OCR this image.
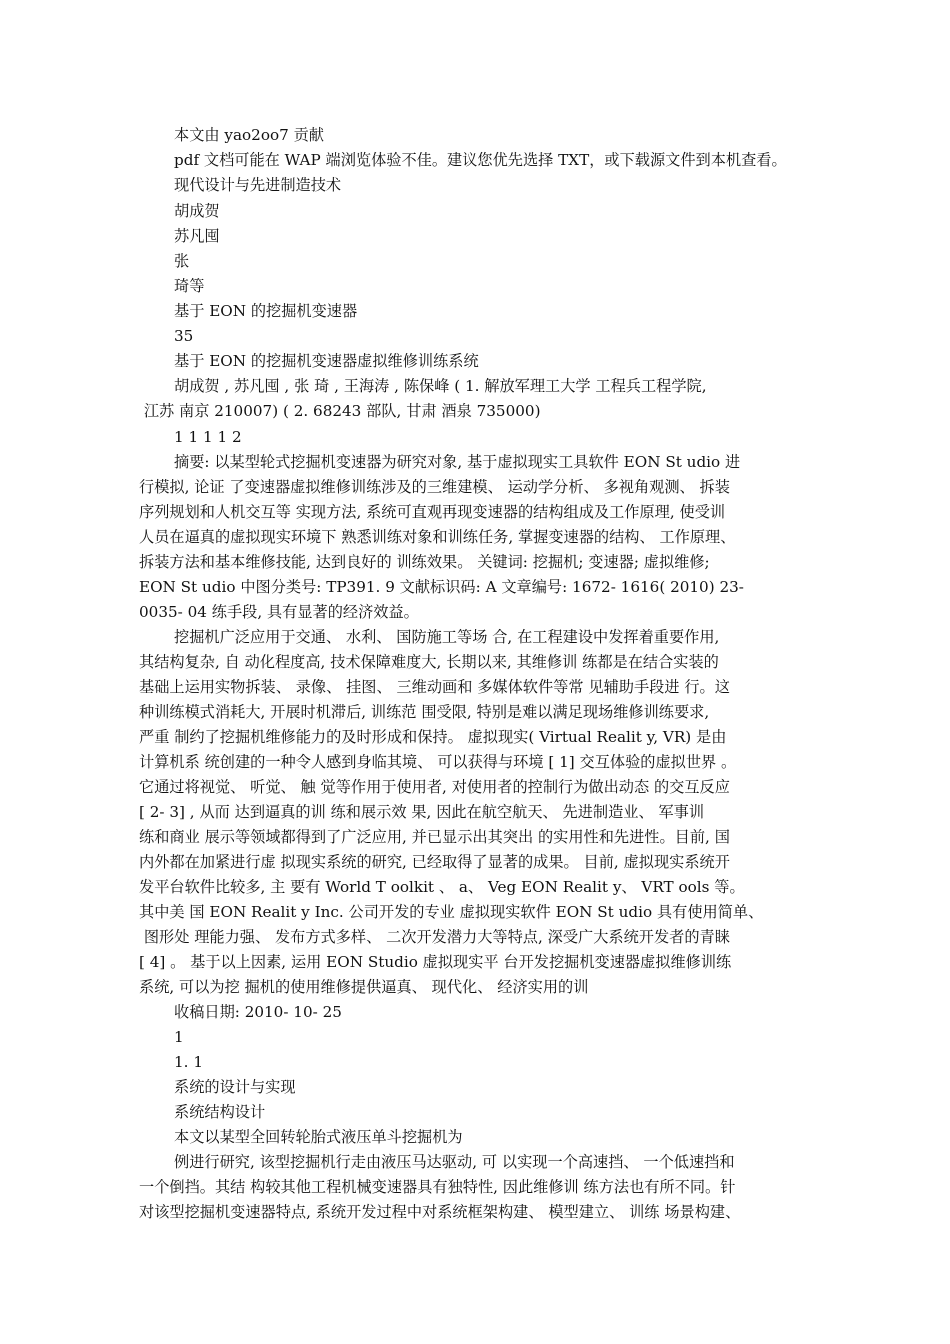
本文由 yao2oo7 贡献
pdf 文档可能在 WAP 端浏览体验不佳。建议您优先选择 TXT，或下载源文件到本机查看。
现代设计与先进制造技术
胡成贺
苏凡囤
张
琦等
基于 EON 的挖掘机变速器
35
基于 EON 的挖掘机变速器虚拟维修训练系统
胡成贺 , 苏凡囤 , 张 琦 , 王海涛 , 陈保峰 ( 1. 解放军理工大学 工程兵工程学院,
江苏 南京 210007) ( 2. 68243 部队, 甘肃 酒泉 735000)
1 1 1 1 2
摘要: 以某型轮式挖掘机变速器为研究对象, 基于虚拟现实工具软件 EON St udio 进
行模拟, 论证 了变速器虚拟维修训练涉及的三维建模、 运动学分析、 多视角观测、 拆装
序列规划和人机交互等 实现方法, 系统可直观再现变速器的结构组成及工作原理, 使受训
人员在逼真的虚拟现实环境下 熟悉训练对象和训练任务, 掌握变速器的结构、 工作原理、
拆装方法和基本维修技能, 达到良好的 训练效果。 关键词: 挖掘机; 变速器; 虚拟维修;
EON St udio 中图分类号: TP391. 9 文献标识码: A 文章编号: 1672- 1616( 2010) 23-
0035- 04 练手段, 具有显著的经济效益。
挖掘机广泛应用于交通、 水利、 国防施工等场 合, 在工程建设中发挥着重要作用,
其结构复杂, 自 动化程度高, 技术保障难度大, 长期以来, 其维修训 练都是在结合实装的
基础上运用实物拆装、 录像、 挂图、 三维动画和 多媒体软件等常 见辅助手段进 行。这
种训练模式消耗大, 开展时机滞后, 训练范 围受限, 特别是难以满足现场维修训练要求,
严重 制约了挖掘机维修能力的及时形成和保持。 虚拟现实( Virtual Realit y, VR) 是由
计算机系 统创建的一种令人感到身临其境、 可以获得与环境 [ 1] 交互体验的虚拟世界 。
它通过将视觉、 听觉、 触 觉等作用于使用者, 对使用者的控制行为做出动态 的交互反应
[ 2- 3] , 从而 达到逼真的训 练和展示效 果, 因此在航空航天、 先进制造业、 军事训
练和商业 展示等领域都得到了广泛应用, 并已显示出其突出 的实用性和先进性。目前, 国
内外都在加紧进行虚 拟现实系统的研究, 已经取得了显著的成果。 目前, 虚拟现实系统开
发平台软件比较多, 主 要有 World T oolkit 、 a、 Veg EON Realit y、 VRT ools 等。
其中美 国 EON Realit y Inc. 公司开发的专业 虚拟现实软件 EON St udio 具有使用简单、
图形处 理能力强、 发布方式多样、 二次开发潜力大等特点, 深受广大系统开发者的青睐
[ 4] 。 基于以上因素, 运用 EON Studio 虚拟现实平 台开发挖掘机变速器虚拟维修训练
系统, 可以为挖 掘机的使用维修提供逼真、 现代化、 经济实用的训
收稿日期: 2010- 10- 25
1
1. 1
系统的设计与实现
系统结构设计
本文以某型全回转轮胎式液压单斗挖掘机为
例进行研究, 该型挖掘机行走由液压马达驱动, 可 以实现一个高速挡、 一个低速挡和
一个倒挡。其结 构较其他工程机械变速器具有独特性, 因此维修训 练方法也有所不同。针
对该型挖掘机变速器特点, 系统开发过程中对系统框架构建、 模型建立、 训练 场景构建、
